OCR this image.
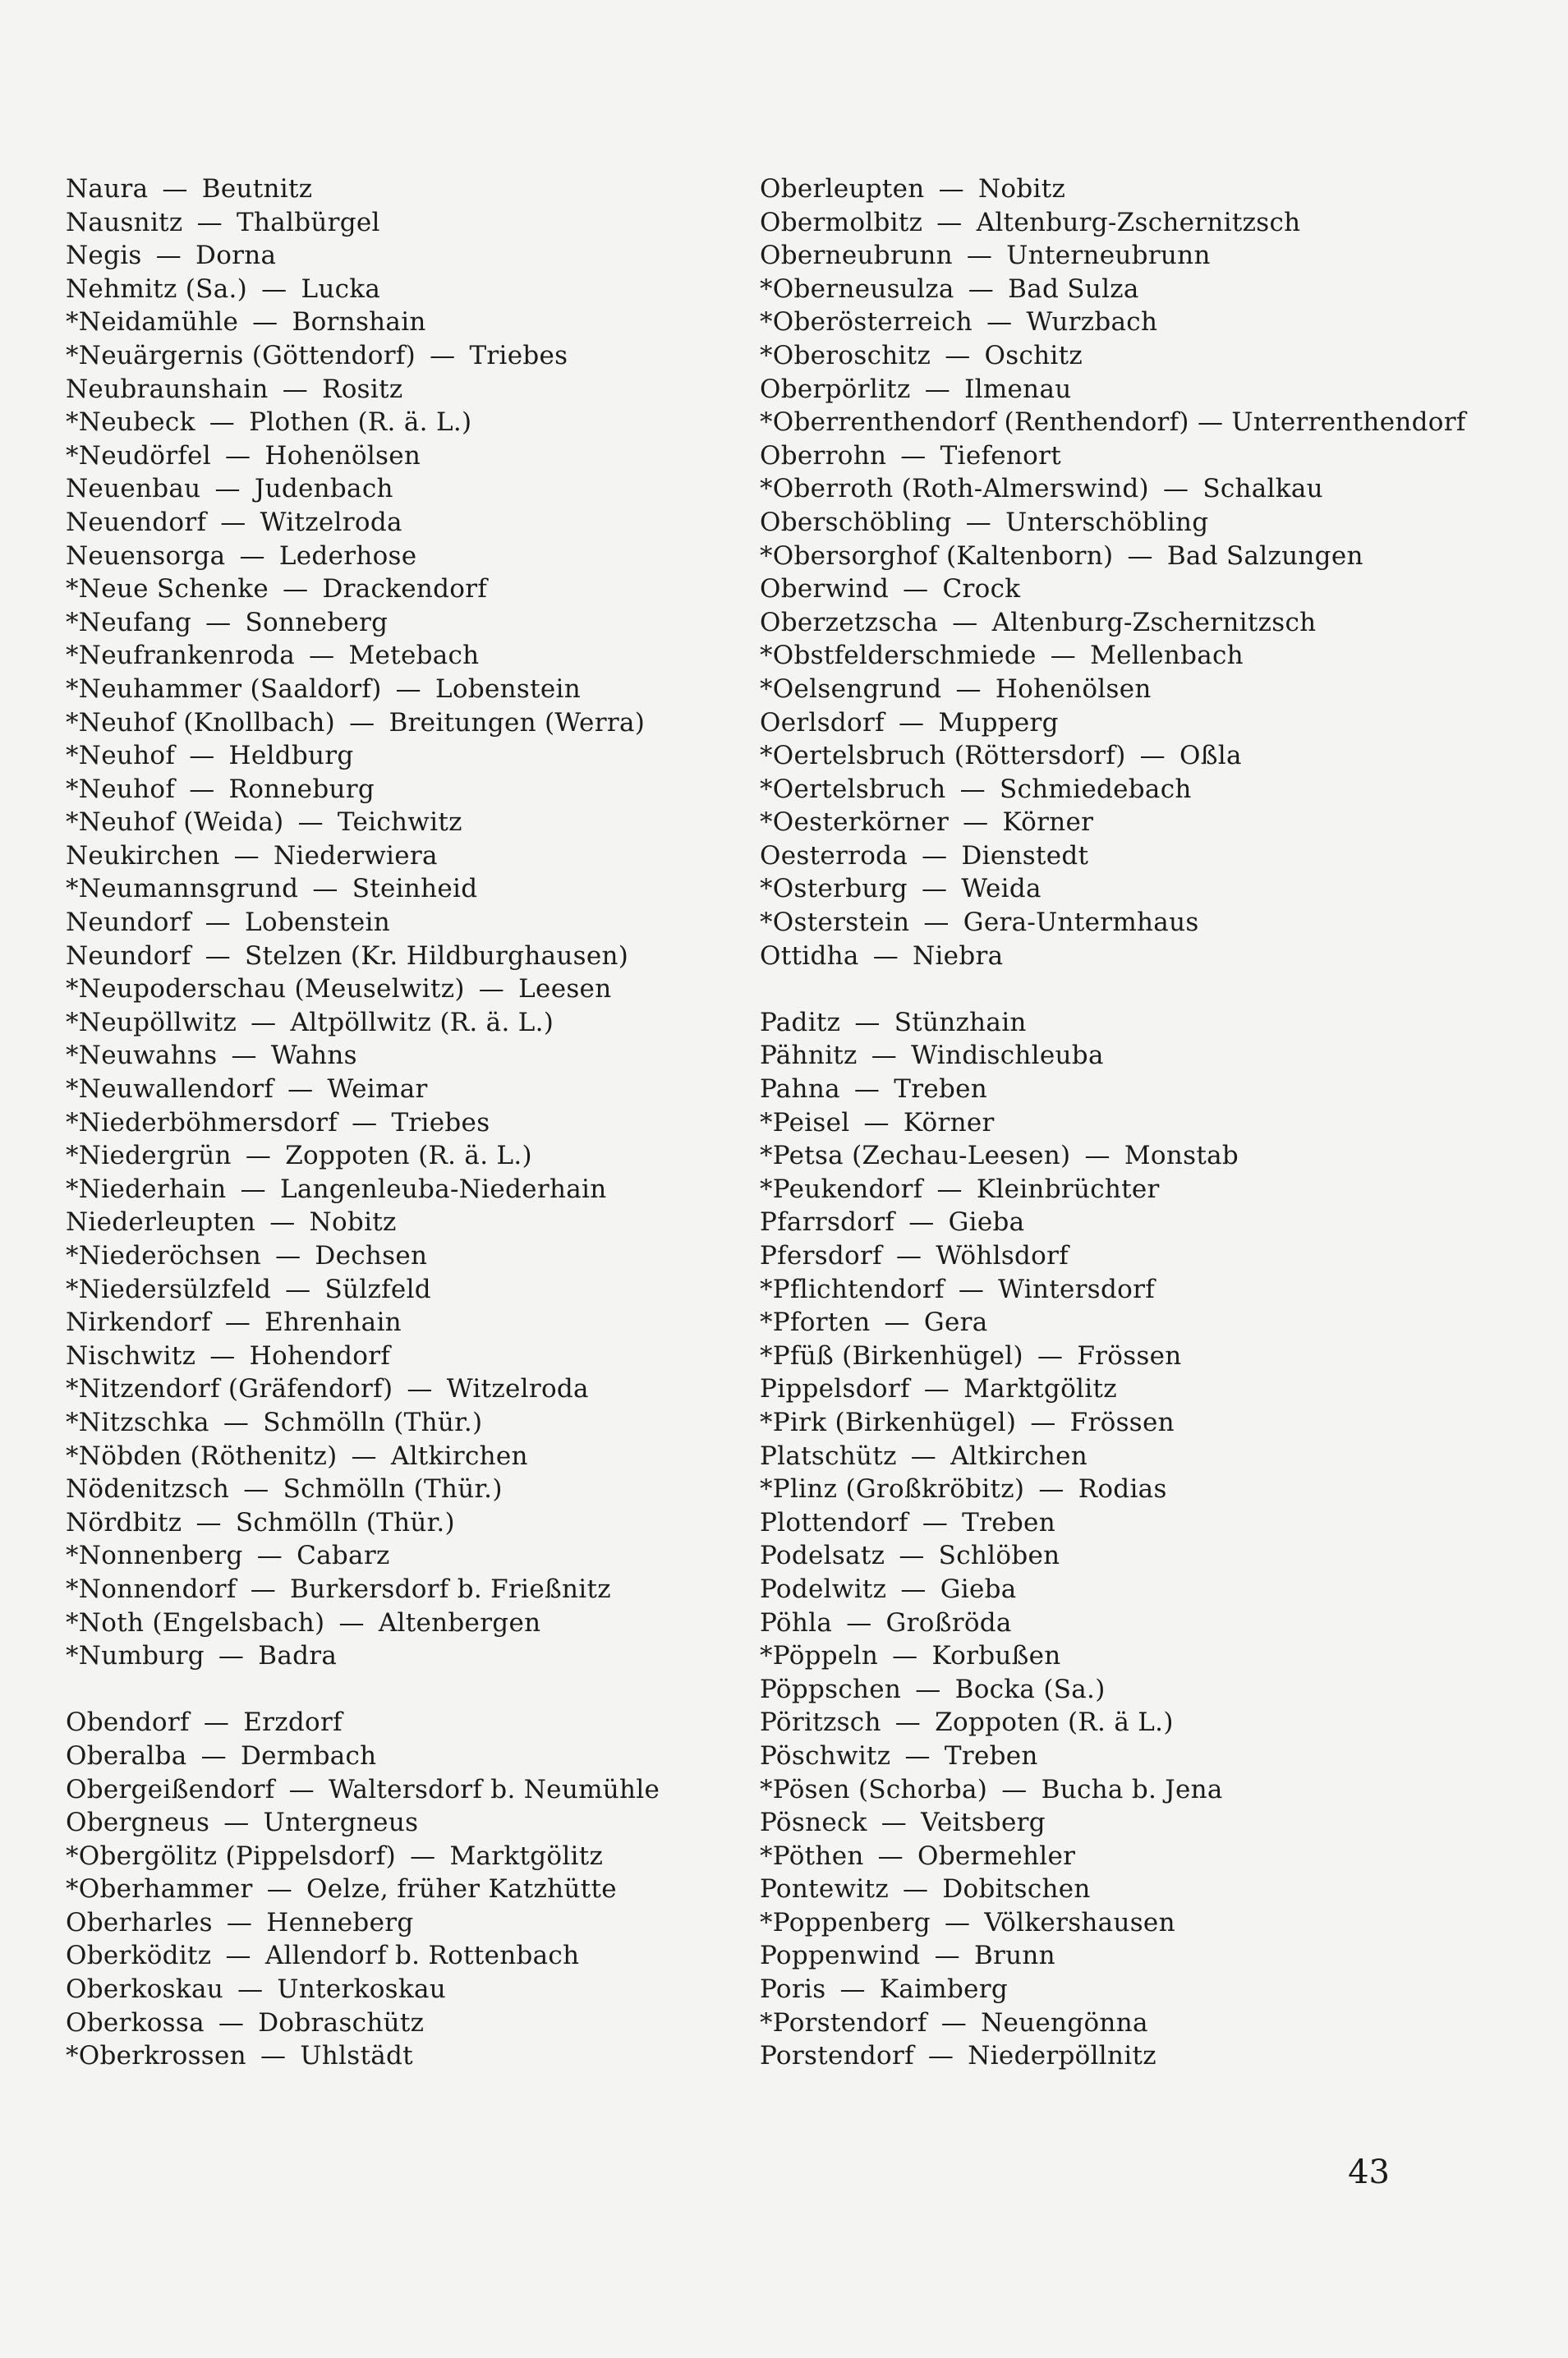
Naura — Beutnitz
Nausnitz — Thalbürgel
Negis — Dorna
Nehmitz (Sa.) — Lucka
*Neidamühle — Bornshain
*Neuärgernis (Göttendorf) — Triebes
Neubraunshain — Rositz
*Neubeck — Plothen (R. ä. L.)
*Neudörfel — Hohenölsen
Neuenbau — Judenbach
Neuendorf — Witzelroda
Neuensorga — Lederhose
*Neue Schenke — Drackendorf
*Neufang — Sonneberg
*Neufrankenroda — Metebach
*Neuhammer (Saaldorf) — Lobenstein
*Neuhof (Knollbach) — Breitungen (Werra)
*Neuhof — Heldburg
*Neuhof — Ronneburg
*Neuhof (Weida) — Teichwitz
Neukirchen — Niederwiera
*Neumannsgrund — Steinheid
Neundorf — Lobenstein
Neundorf — Stelzen (Kr. Hildburghausen)
*Neupoderschau (Meuselwitz) — Leesen
*Neupöllwitz — Altpöllwitz (R. ä. L.)
*Neuwahns — Wahns
*Neuwallendorf — Weimar
*Niederböhmersdorf — Triebes
*Niedergrün — Zoppoten (R. ä. L.)
*Niederhain — Langenleuba-Niederhain
Niederleupten — Nobitz
*Niederöchsen — Dechsen
*Niedersülzfeld — Sülzfeld
Nirkendorf — Ehrenhain
Nischwitz — Hohendorf
*Nitzendorf (Gräfendorf) — Witzelroda
*Nitzschka — Schmölln (Thür.)
*Nöbden (Röthenitz) — Altkirchen
Nödenitzsch — Schmölln (Thür.)
Nördbitz — Schmölln (Thür.)
*Nonnenberg — Cabarz
*Nonnendorf — Burkersdorf b. Frießnitz
*Noth (Engelsbach) — Altenbergen
*Numburg — Badra
Obendorf — Erzdorf
Oberalba — Dermbach
Obergeißendorf — Waltersdorf b. Neumühle
Obergneus — Untergneus
*Obergölitz (Pippelsdorf) — Marktgölitz
*Oberhammer — Oelze, früher Katzhütte
Oberharles — Henneberg
Oberköditz — Allendorf b. Rottenbach
Oberkoskau — Unterkoskau
Oberkossa — Dobraschütz
*Oberkrossen — Uhlstädt
Oberleupten — Nobitz
Obermolbitz — Altenburg-Zschernitzsch
Oberneubrunn — Unterneubrunn
*Oberneusulza — Bad Sulza
*Oberösterreich — Wurzbach
*Oberoschitz — Oschitz
Oberpörlitz — Ilmenau
*Oberrenthendorf (Renthendorf) — Unterrenthendorf
Oberrohn — Tiefenort
*Oberroth (Roth-Almerswind) — Schalkau
Oberschöbling — Unterschöbling
*Obersorghof (Kaltenborn) — Bad Salzungen
Oberwind — Crock
Oberzetzscha — Altenburg-Zschernitzsch
*Obstfelderschmiede — Mellenbach
*Oelsengrund — Hohenölsen
Oerlsdorf — Mupperg
*Oertelsbruch (Röttersdorf) — Oßla
*Oertelsbruch — Schmiedebach
*Oesterkörner — Körner
Oesterroda — Dienstedt
*Osterburg — Weida
*Osterstein — Gera-Untermhaus
Ottidha — Niebra
Paditz — Stünzhain
Pähnitz — Windischleuba
Pahna — Treben
*Peisel — Körner
*Petsa (Zechau-Leesen) — Monstab
*Peukendorf — Kleinbrüchter
Pfarrsdorf — Gieba
Pfersdorf — Wöhlsdorf
*Pflichtendorf — Wintersdorf
*Pforten — Gera
*Pfüß (Birkenhügel) — Frössen
Pippelsdorf — Marktgölitz
*Pirk (Birkenhügel) — Frössen
Platschütz — Altkirchen
*Plinz (Großkröbitz) — Rodias
Plottendorf — Treben
Podelsatz — Schlöben
Podelwitz — Gieba
Pöhla — Großröda
*Pöppeln — Korbußen
Pöppschen — Bocka (Sa.)
Pöritzsch — Zoppoten (R. ä L.)
Pöschwitz — Treben
*Pösen (Schorba) — Bucha b. Jena
Pösneck — Veitsberg
*Pöthen — Obermehler
Pontewitz — Dobitschen
*Poppenberg — Völkershausen
Poppenwind — Brunn
Poris — Kaimberg
*Porstendorf — Neuengönna
Porstendorf — Niederpöllnitz
43
